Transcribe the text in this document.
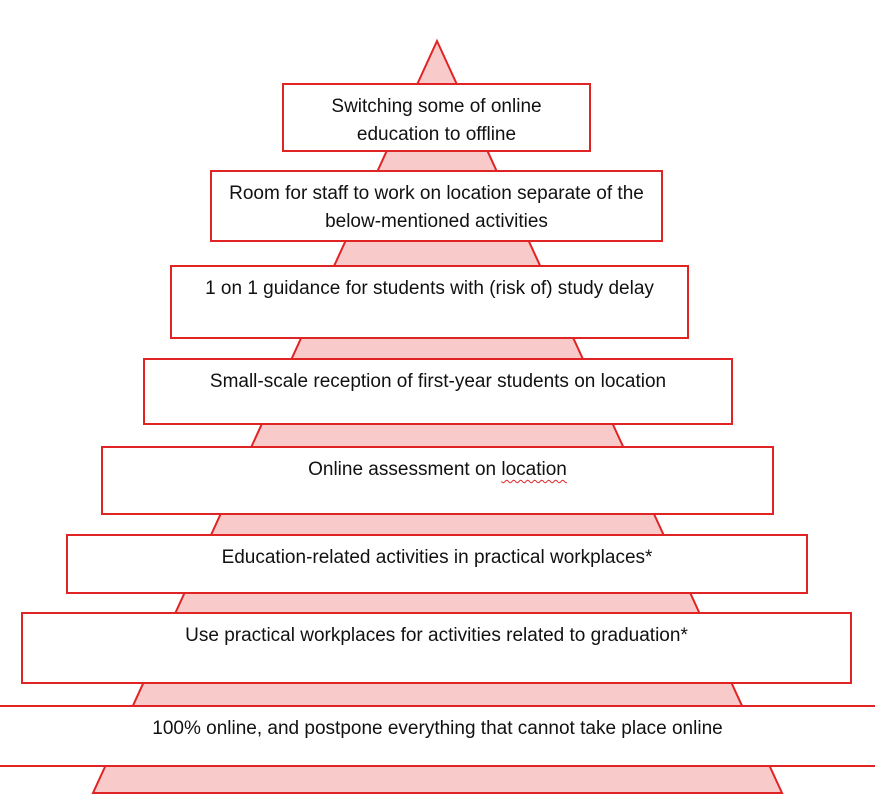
Switching some of online education to offline
Room for staff to work on location separate of the below-mentioned activities
1 on 1 guidance for students with (risk of) study delay
Small-scale reception of first-year students on location
Online assessment on location
Education-related activities in practical workplaces*
Use practical workplaces for activities related to graduation*
100% online, and postpone everything that cannot take place online
